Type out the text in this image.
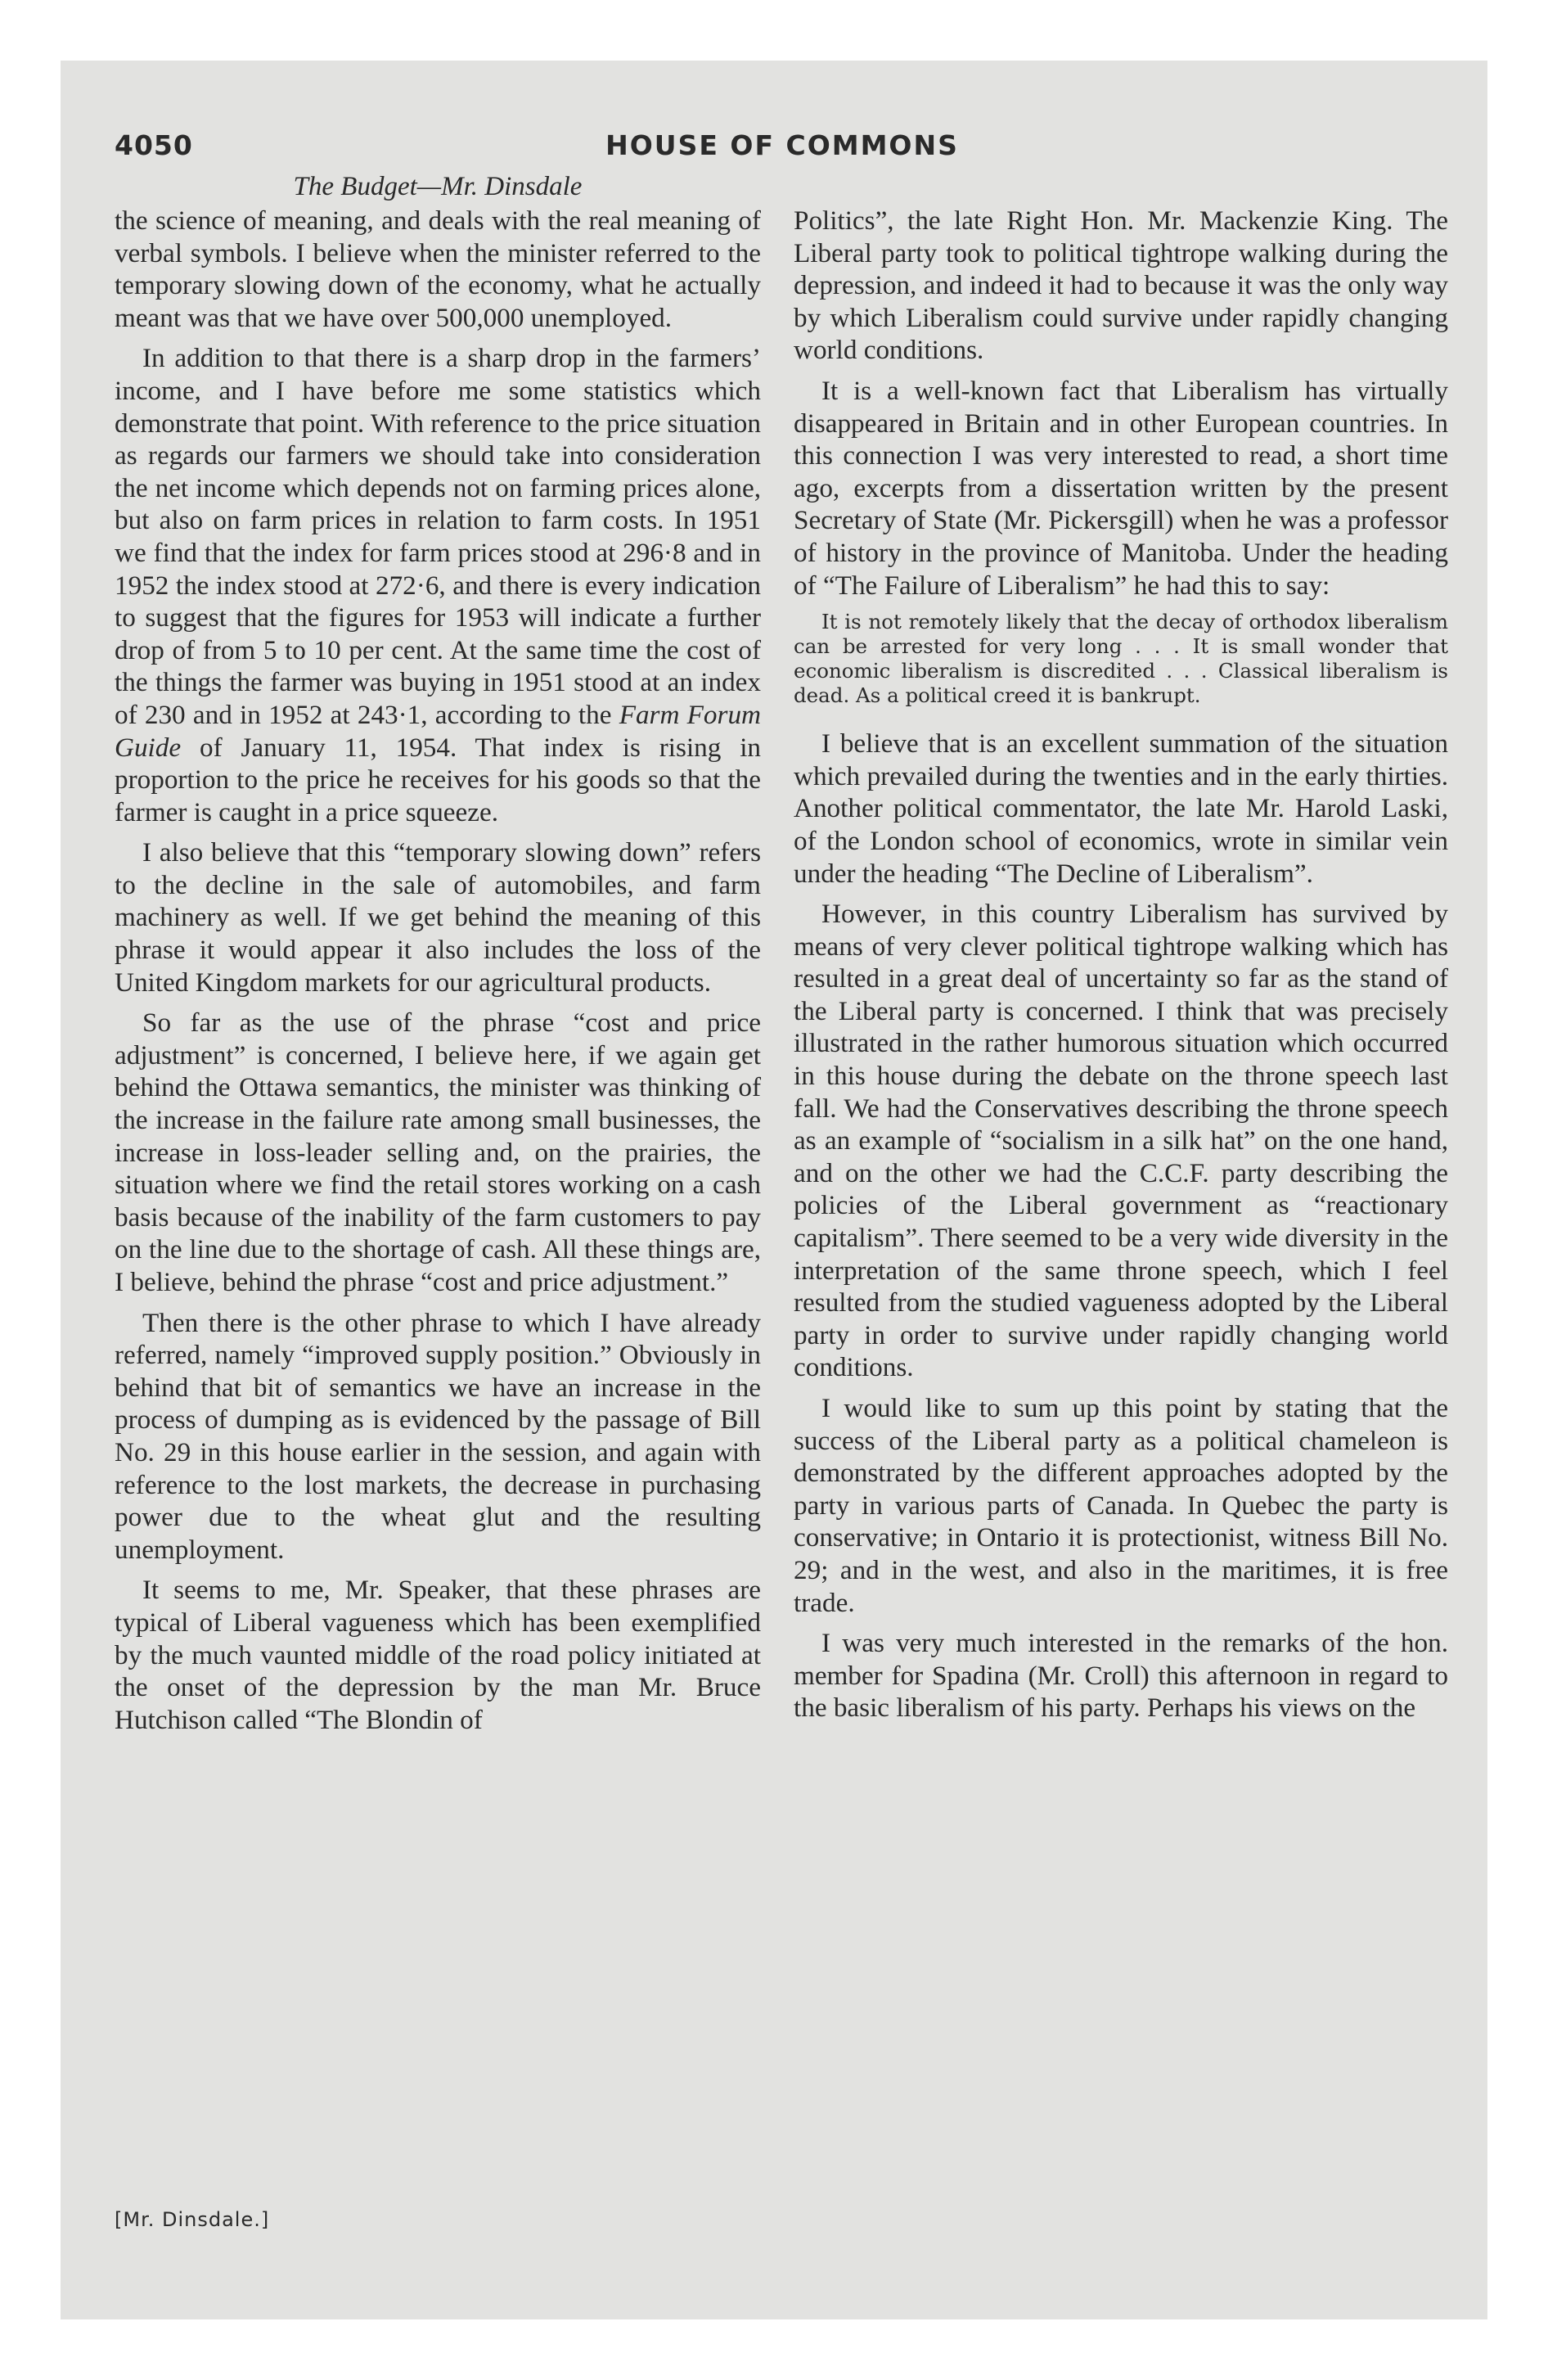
4050	HOUSE OF COMMONS
The Budget—Mr. Dinsdale

the science of meaning, and deals with the real meaning of verbal symbols. I believe when the minister referred to the temporary slowing down of the economy, what he actually meant was that we have over 500,000 unemployed.

In addition to that there is a sharp drop in the farmers’ income, and I have before me some statistics which demonstrate that point. With reference to the price situation as regards our farmers we should take into consideration the net income which depends not on farming prices alone, but also on farm prices in relation to farm costs. In 1951 we find that the index for farm prices stood at 296·8 and in 1952 the index stood at 272·6, and there is every indication to suggest that the figures for 1953 will indicate a further drop of from 5 to 10 per cent. At the same time the cost of the things the farmer was buying in 1951 stood at an index of 230 and in 1952 at 243·1, according to the Farm Forum Guide of January 11, 1954. That index is rising in proportion to the price he receives for his goods so that the farmer is caught in a price squeeze.

I also believe that this “temporary slowing down” refers to the decline in the sale of automobiles, and farm machinery as well. If we get behind the meaning of this phrase it would appear it also includes the loss of the United Kingdom markets for our agricultural products.

So far as the use of the phrase “cost and price adjustment” is concerned, I believe here, if we again get behind the Ottawa semantics, the minister was thinking of the increase in the failure rate among small businesses, the increase in loss-leader selling and, on the prairies, the situation where we find the retail stores working on a cash basis because of the inability of the farm customers to pay on the line due to the shortage of cash. All these things are, I believe, behind the phrase “cost and price adjustment.”

Then there is the other phrase to which I have already referred, namely “improved supply position.” Obviously in behind that bit of semantics we have an increase in the process of dumping as is evidenced by the passage of Bill No. 29 in this house earlier in the session, and again with reference to the lost markets, the decrease in purchasing power due to the wheat glut and the resulting unemployment.

It seems to me, Mr. Speaker, that these phrases are typical of Liberal vagueness which has been exemplified by the much vaunted middle of the road policy initiated at the onset of the depression by the man Mr. Bruce Hutchison called “The Blondin of

Politics”, the late Right Hon. Mr. Mackenzie King. The Liberal party took to political tightrope walking during the depression, and indeed it had to because it was the only way by which Liberalism could survive under rapidly changing world conditions.

It is a well-known fact that Liberalism has virtually disappeared in Britain and in other European countries. In this connection I was very interested to read, a short time ago, excerpts from a dissertation written by the present Secretary of State (Mr. Pickersgill) when he was a professor of history in the province of Manitoba. Under the heading of “The Failure of Liberalism” he had this to say:

It is not remotely likely that the decay of orthodox liberalism can be arrested for very long . . . It is small wonder that economic liberalism is discredited . . . Classical liberalism is dead. As a political creed it is bankrupt.

I believe that is an excellent summation of the situation which prevailed during the twenties and in the early thirties. Another political commentator, the late Mr. Harold Laski, of the London school of economics, wrote in similar vein under the heading “The Decline of Liberalism”.

However, in this country Liberalism has survived by means of very clever political tightrope walking which has resulted in a great deal of uncertainty so far as the stand of the Liberal party is concerned. I think that was precisely illustrated in the rather humorous situation which occurred in this house during the debate on the throne speech last fall. We had the Conservatives describing the throne speech as an example of “socialism in a silk hat” on the one hand, and on the other we had the C.C.F. party describing the policies of the Liberal government as “reactionary capitalism”. There seemed to be a very wide diversity in the interpretation of the same throne speech, which I feel resulted from the studied vagueness adopted by the Liberal party in order to survive under rapidly changing world conditions.

I would like to sum up this point by stating that the success of the Liberal party as a political chameleon is demonstrated by the different approaches adopted by the party in various parts of Canada. In Quebec the party is conservative; in Ontario it is protectionist, witness Bill No. 29; and in the west, and also in the maritimes, it is free trade.

I was very much interested in the remarks of the hon. member for Spadina (Mr. Croll) this afternoon in regard to the basic liberalism of his party. Perhaps his views on the

[Mr. Dinsdale.]
